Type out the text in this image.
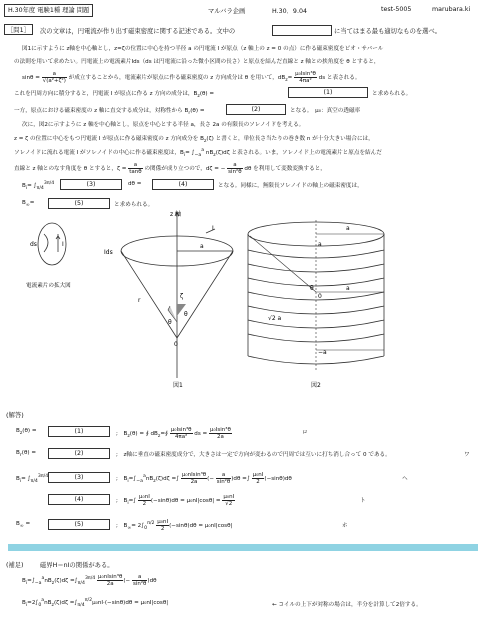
H.30年度 電験1種 理論 問題	マルバラ企画	H.30．9.04	test-5005	marubara.ki
［問1］	次の文章は，円電流が作り出す磁束密度に関する記述である。文中の	に当てはまる最も適切なものを選べ。
図1に示すように z軸を中心軸とし，z=ζの位置に中心を持つ半径 a の円電流 I が原点（z 軸上の z = 0 の点）に作る磁束密度をビオ・サバール
の法則を用いて求めたい。円電流上の電流素片Ids（ds は円電流に沿った微小区間の長さ）と原点を結んだ直線と z 軸との挟角度を θ とすると，
$\sin\theta = \frac{a}{\text{√(a²+ζ²)}}$ が成立することから，電流素片が原点に作る磁束密度の z 方向成分は θ を用いて，$dB_z= \frac{\text{μ₀Isin³θ}}{\text{4πa²}}$ ds と表される。
これを円周方向に積分すると，円電流 I が原点に作る z 方向の成分は，$B_z(\theta)$ =	(1)	と求められる。
一方，原点における磁束密度の z 軸に直交する成分は，対称性から $B_r(\theta)$ =	(2)	となる。　μ₀：真空の透磁率
次に，図2に示すように z 軸を中心軸とし，原点を中心とする半径 a，長さ 2a の有限長のソレノイドを考える。
z = ζ の位置に中心をもつ円電流 I が原点に作る磁束密度の z 方向成分を $B_z(\zeta)$ と書くと，単位長さ当たりの巻き数 n が十分大きい場合には，
ソレノイドに流れる電流 I がソレノイドの中心に作る磁束密度は，$B_i= \int_{-a}^a$ $nB_z(\zeta)d\zeta$ と表される。いま，ソレノイド上の電流素片と原点を結んだ
直線と z 軸とのなす角度を θ とすると，$\zeta = \frac{a}{\tan\theta}$ の関係が成り立つので，dζ = − $\frac{a}{\text{sin²θ}}$ dθ を利用して変数変換すると，
$B_i= \int_{\pi/4}^{3\pi/4}$	(3)	dθ =	(4)	となる。同様に，無限長ソレノイドの軸上の磁束密度は，
$B_\infty=$	(5)	と求められる。
ds	I
電流素片の拡大図
z 軸
I
Ids
a
r
ζ
θ
θ
0
図1
a
a
√2 a
θ
0
a
−a
図2
(解答)
$B_z(\theta)$ =	(1)	;　$B_z(\theta)$ = ∮ $dB_z=∮ \frac{\text{μ₀Isin³θ}}{\text{4πa²}}$ ds = $\frac{\text{μ₀Isin³θ}}{2a}$	ロ
$B_r(\theta)$ =	(2)	;　z軸に垂直の磁束密度成分で，大きさは一定で方向が変わるので円周では互いに打ち消し合って 0 である。	ワ
$B_i= \int_{\pi/4}^{3\pi/4}$	(3)	;　$B_i=\int_{-a}^anB_z(\zeta)d\zeta$ =∫ $\frac{\text{μ₀nIsin³θ}}{2a}$ (− $\frac{a}{\text{sin²θ}} )d\theta$ =∫ $\frac{\text{μ₀nI}}{2} (-\sin\theta)d\theta$	ヘ
(4)	;　$B_i=\int \frac{\text{μ₀nI}}{2} (-\sin\theta)d\theta = \mu_0nI|\cos\theta| = \frac{\text{μ₀nI}}{√2}$	ト
$B_\infty$ =	(5)	;　$B_\infty= 2\int_0^{\pi/2} \frac{\text{μ₀nI}}{2} (-\sin\theta)d\theta = \mu_0nI|\cos\theta|$	ホ
(補足)	磁界H＝nIの関係がある。
$B_i=\int_{-a}^anB_z(\zeta)d\zeta =\int_{\pi/4}^{3\pi/4} \frac{\text{μ₀nIsin³θ}}{2a}$ (− $\frac{a}{\text{sin²θ}} )d\theta$
$B_i=2\int_0^anB_z(\zeta)d\zeta =\int_{\pi/4}^{\pi/2}\mu_0nI\cdot(-\sin\theta)d\theta = \mu_0nI|\cos\theta|$	← コイルの上下が対称の場合は，半分を計算して2倍する。
